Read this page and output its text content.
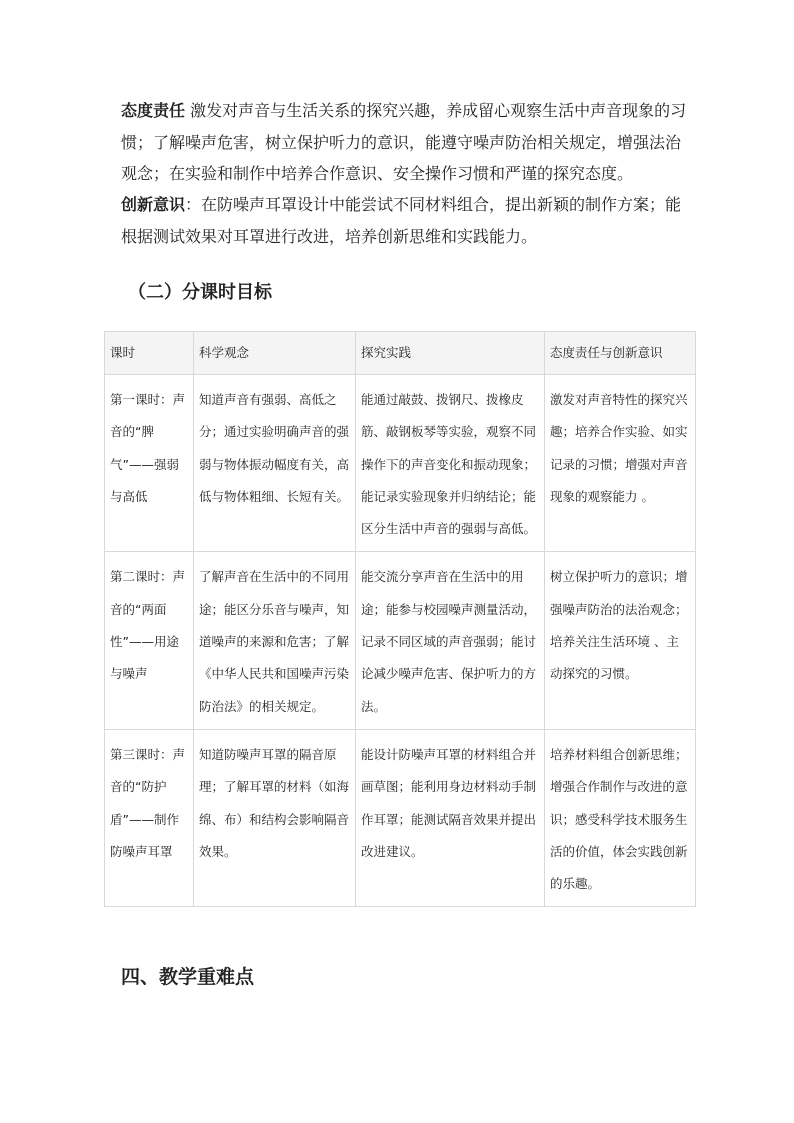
态度责任 激发对声音与生活关系的探究兴趣，养成留心观察生活中声音现象的习惯；了解噪声危害，树立保护听力的意识，能遵守噪声防治相关规定，增强法治观念；在实验和制作中培养合作意识、安全操作习惯和严谨的探究态度。

创新意识：在防噪声耳罩设计中能尝试不同材料组合，提出新颖的制作方案；能根据测试效果对耳罩进行改进，培养创新思维和实践能力。

（二）分课时目标
课时	科学观念	探究实践	态度责任与创新意识
第一课时：声音的“脾气”——强弱与高低	知道声音有强弱、高低之分；通过实验明确声音的强弱与物体振动幅度有关，高低与物体粗细、长短有关。	能通过敲鼓、拨钢尺、拨橡皮筋、敲钢板琴等实验，观察不同操作下的声音变化和振动现象；能记录实验现象并归纳结论；能区分生活中声音的强弱与高低。	激发对声音特性的探究兴趣；培养合作实验、如实记录的习惯；增强对声音现象的观察能力 。
第二课时：声音的“两面性”——用途与噪声	了解声音在生活中的不同用途；能区分乐音与噪声，知道噪声的来源和危害；了解《中华人民共和国噪声污染防治法》的相关规定。	能交流分享声音在生活中的用途；能参与校园噪声测量活动，记录不同区域的声音强弱；能讨论减少噪声危害、保护听力的方法。	树立保护听力的意识；增强噪声防治的法治观念；培养关注生活环境 、主动探究的习惯。
第三课时：声音的“防护盾”——制作防噪声耳罩	知道防噪声耳罩的隔音原理；了解耳罩的材料（如海绵、布）和结构会影响隔音效果。	能设计防噪声耳罩的材料组合并画草图；能利用身边材料动手制作耳罩；能测试隔音效果并提出改进建议。	培养材料组合创新思维；增强合作制作与改进的意识；感受科学技术服务生活的价值，体会实践创新的乐趣。
四、教学重难点
